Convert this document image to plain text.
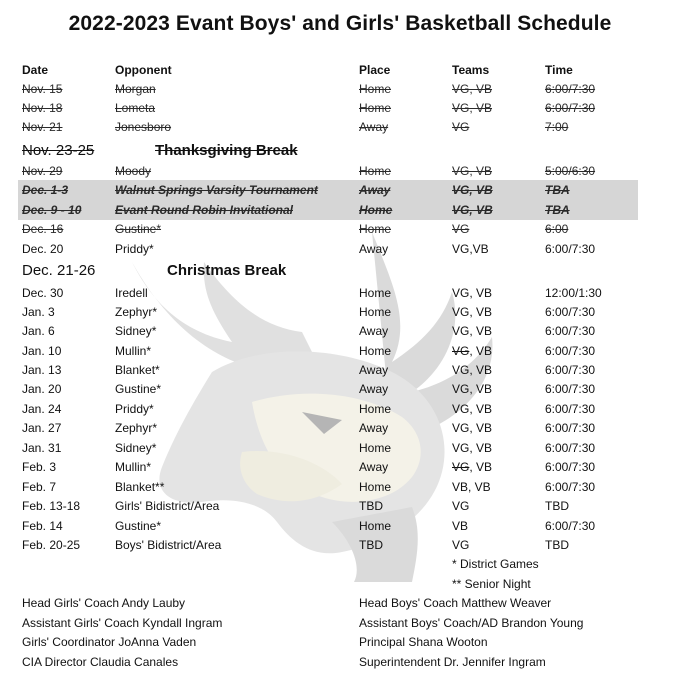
2022-2023 Evant Boys' and Girls' Basketball Schedule
Date	Opponent	Place	Teams	Time
Nov. 15	Morgan	Home	VG, VB	6:00/7:30
Nov. 18	Lometa	Home	VG, VB	6:00/7:30
Nov. 21	Jonesboro	Away	VG	7:00
Nov. 23-25	Thanksgiving Break
Nov. 29	Moody	Home	VG, VB	5:00/6:30
Dec. 1-3	Walnut Springs Varsity Tournament	Away	VG, VB	TBA
Dec. 9 - 10	Evant Round Robin Invitational	Home	VG, VB	TBA
Dec. 16	Gustine*	Home	VG	6:00
Dec. 20	Priddy*	Away	VG,VB	6:00/7:30
Dec. 21-26	Christmas Break
Dec. 30	Iredell	Home	VG, VB	12:00/1:30
Jan. 3	Zephyr*	Home	VG, VB	6:00/7:30
Jan. 6	Sidney*	Away	VG, VB	6:00/7:30
Jan. 10	Mullin*	Home	VG, VB	6:00/7:30
Jan. 13	Blanket*	Away	VG, VB	6:00/7:30
Jan. 20	Gustine*	Away	VG, VB	6:00/7:30
Jan. 24	Priddy*	Home	VG, VB	6:00/7:30
Jan. 27	Zephyr*	Away	VG, VB	6:00/7:30
Jan. 31	Sidney*	Home	VG, VB	6:00/7:30
Feb. 3	Mullin*	Away	VG, VB	6:00/7:30
Feb. 7	Blanket**	Home	VB, VB	6:00/7:30
Feb. 13-18	Girls' Bidistrict/Area	TBD	VG	TBD
Feb. 14	Gustine*	Home	VB	6:00/7:30
Feb. 20-25	Boys' Bidistrict/Area	TBD	VG	TBD
* District Games
** Senior Night
Head Girls' Coach Andy Lauby
Assistant Girls' Coach Kyndall Ingram
Girls' Coordinator JoAnna Vaden
CIA Director Claudia Canales
Head Boys' Coach Matthew Weaver
Assistant Boys' Coach/AD Brandon Young
Principal Shana Wooton
Superintendent Dr. Jennifer Ingram
